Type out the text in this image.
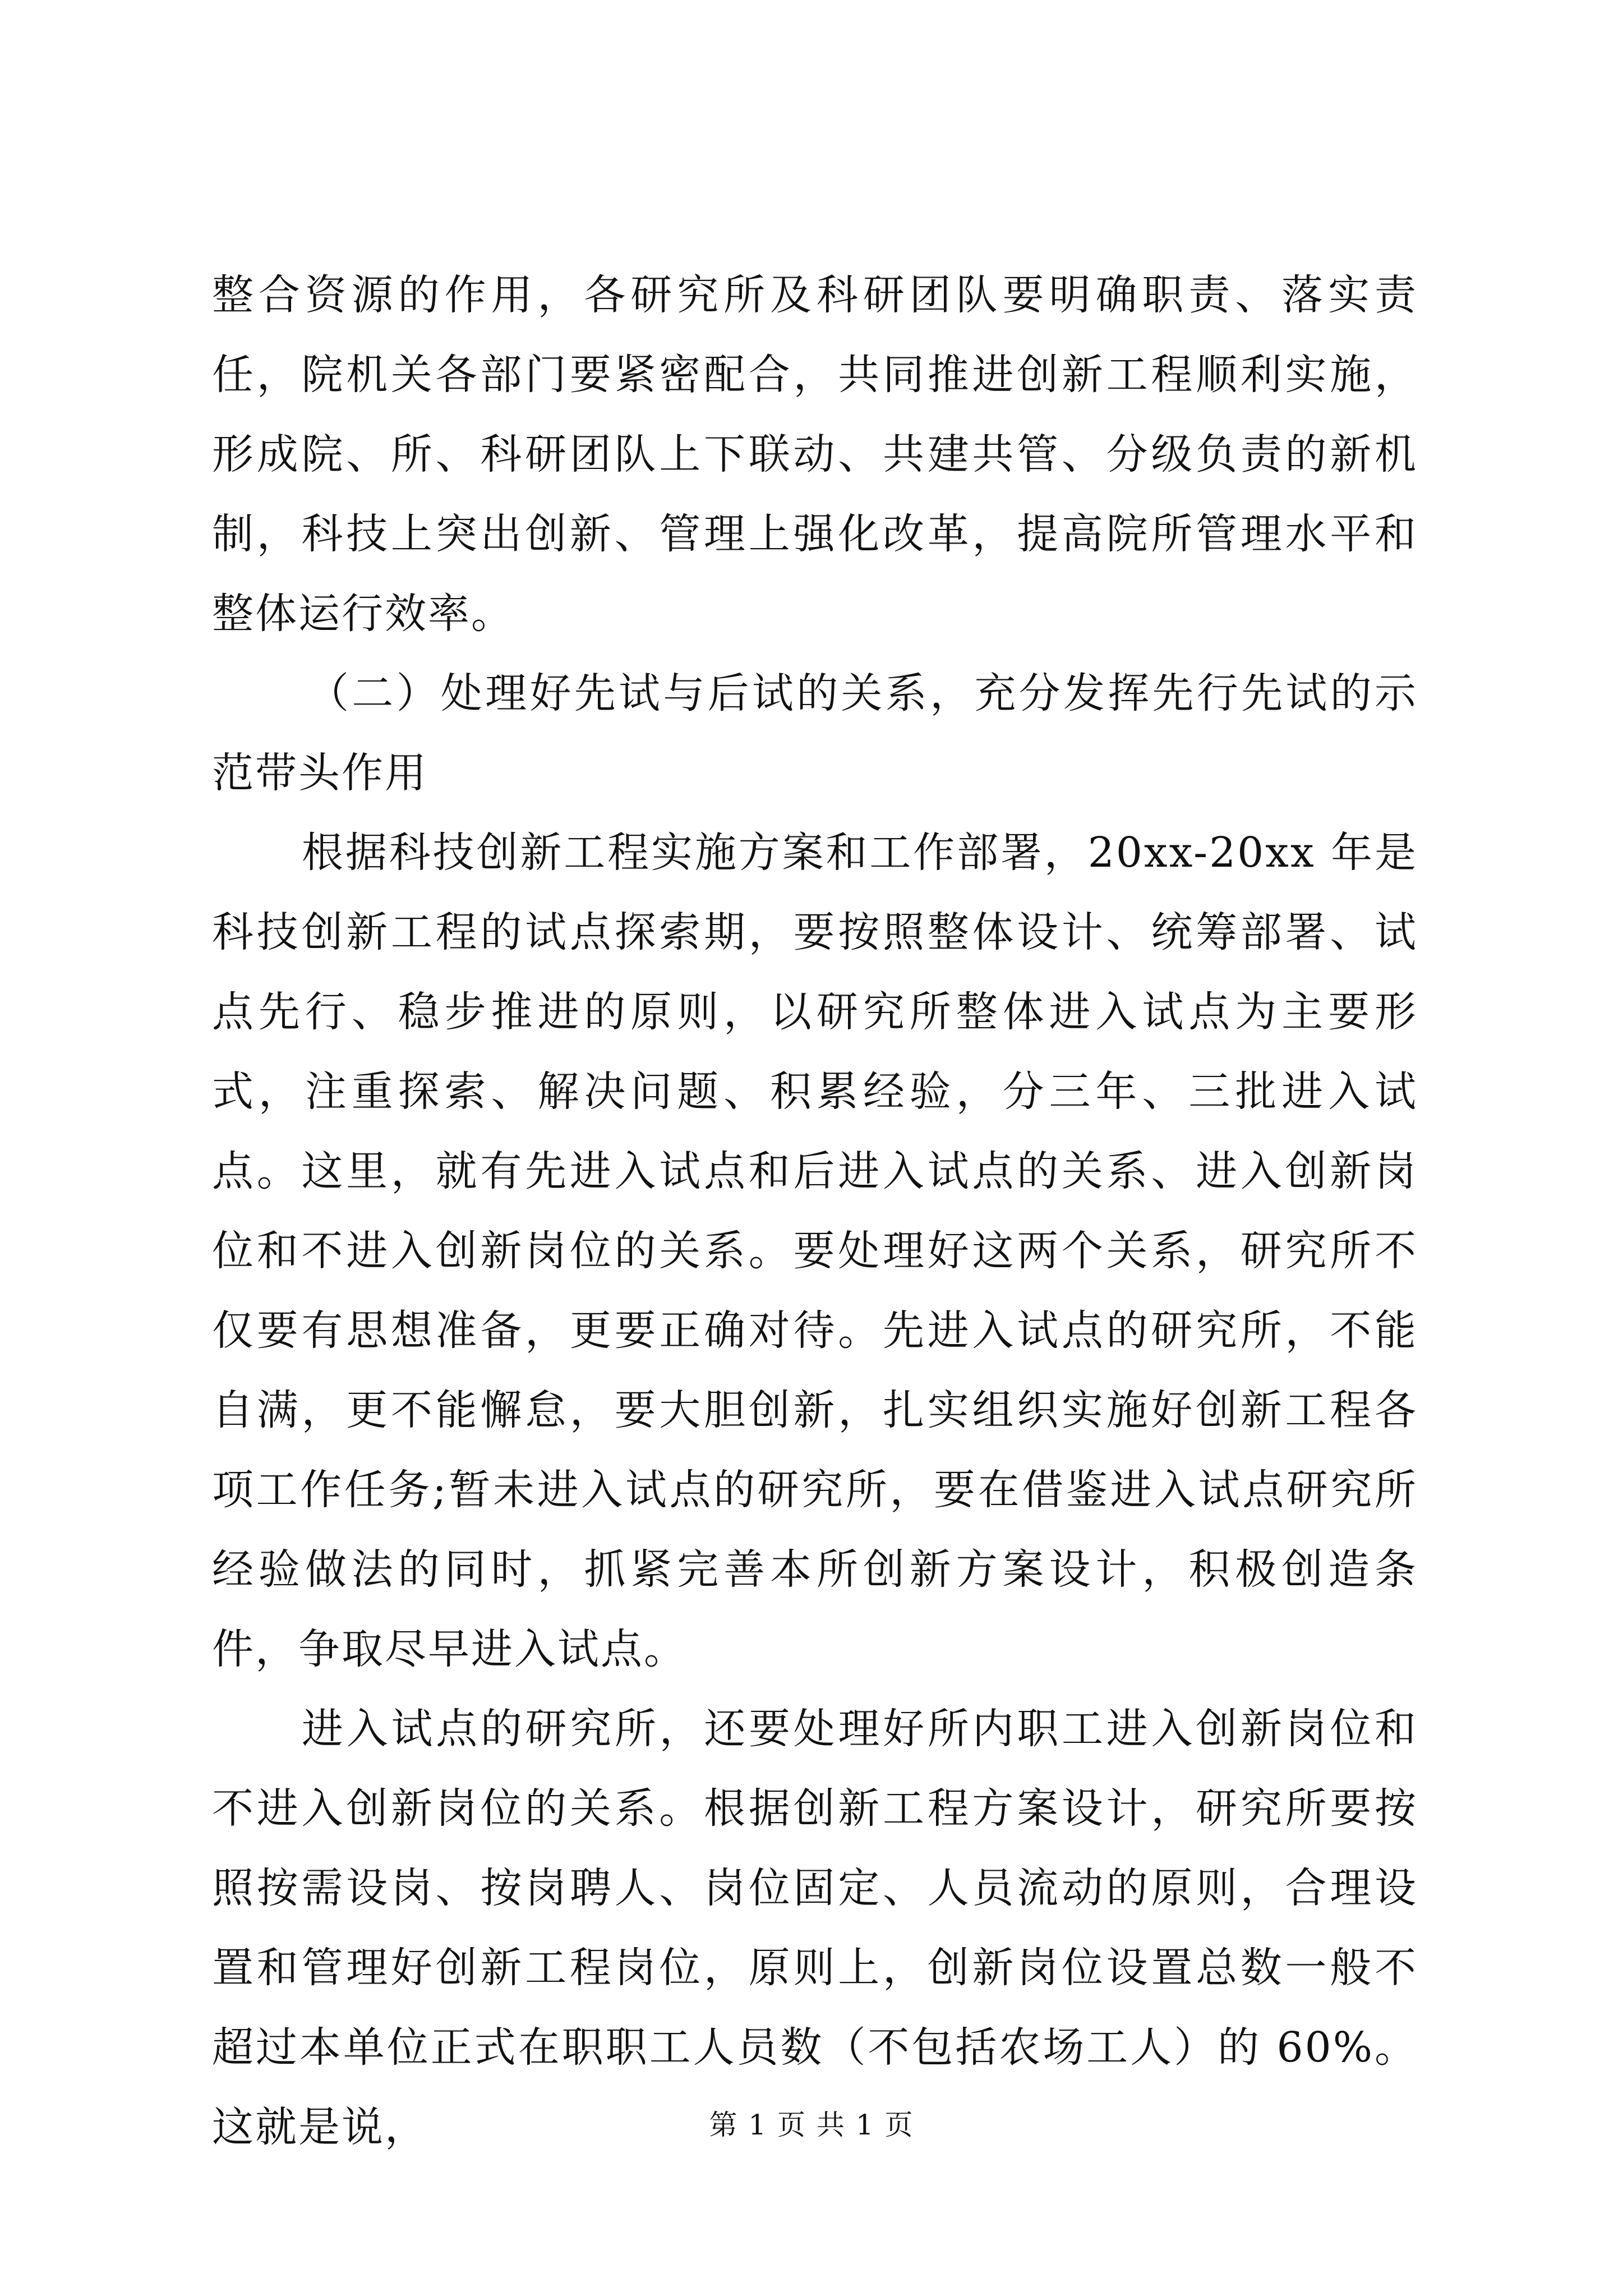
整合资源的作用，各研究所及科研团队要明确职责、落实责任，院机关各部门要紧密配合，共同推进创新工程顺利实施，形成院、所、科研团队上下联动、共建共管、分级负责的新机制，科技上突出创新、管理上强化改革，提高院所管理水平和整体运行效率。

（二）处理好先试与后试的关系，充分发挥先行先试的示范带头作用

根据科技创新工程实施方案和工作部署，20xx-20xx 年是科技创新工程的试点探索期，要按照整体设计、统筹部署、试点先行、稳步推进的原则，以研究所整体进入试点为主要形式，注重探索、解决问题、积累经验，分三年、三批进入试点。这里，就有先进入试点和后进入试点的关系、进入创新岗位和不进入创新岗位的关系。要处理好这两个关系，研究所不仅要有思想准备，更要正确对待。先进入试点的研究所，不能自满，更不能懈怠，要大胆创新，扎实组织实施好创新工程各项工作任务;暂未进入试点的研究所，要在借鉴进入试点研究所经验做法的同时，抓紧完善本所创新方案设计，积极创造条件，争取尽早进入试点。

进入试点的研究所，还要处理好所内职工进入创新岗位和不进入创新岗位的关系。根据创新工程方案设计，研究所要按照按需设岗、按岗聘人、岗位固定、人员流动的原则，合理设置和管理好创新工程岗位，原则上，创新岗位设置总数一般不超过本单位正式在职职工人员数（不包括农场工人）的 60%。这就是说，	第 1 页 共 1 页
